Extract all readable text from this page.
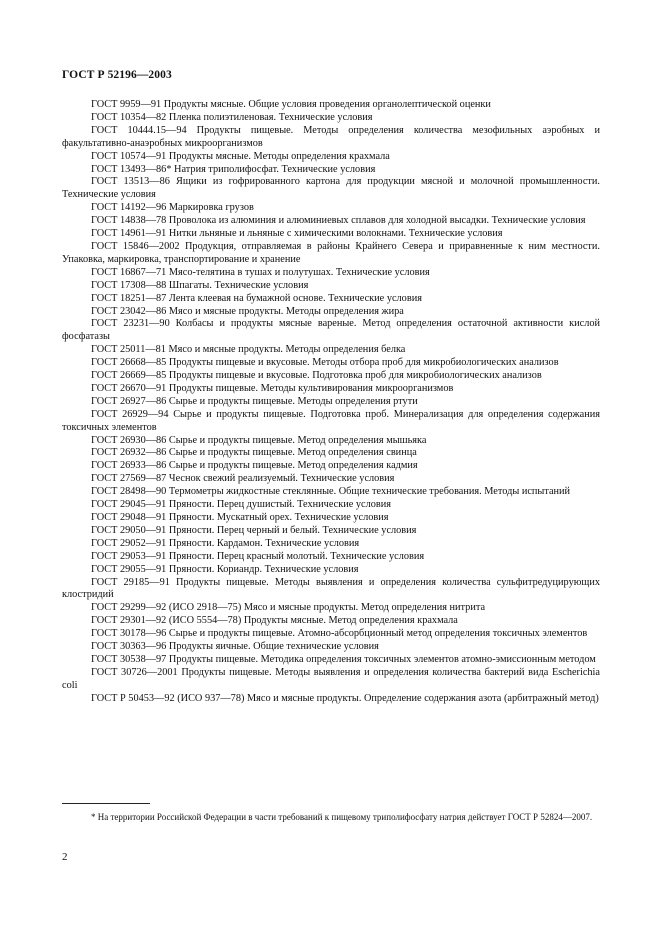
ГОСТ Р 52196—2003

ГОСТ 9959—91 Продукты мясные. Общие условия проведения органолептической оценки

ГОСТ 10354—82 Пленка полиэтиленовая. Технические условия

ГОСТ 10444.15—94 Продукты пищевые. Методы определения количества мезофильных аэробных и факультативно-анаэробных микроорганизмов

ГОСТ 10574—91 Продукты мясные. Методы определения крахмала

ГОСТ 13493—86* Натрия триполифосфат. Технические условия

ГОСТ 13513—86 Ящики из гофрированного картона для продукции мясной и молочной промышленности. Технические условия

ГОСТ 14192—96 Маркировка грузов

ГОСТ 14838—78 Проволока из алюминия и алюминиевых сплавов для холодной высадки. Технические условия

ГОСТ 14961—91 Нитки льняные и льняные с химическими волокнами. Технические условия

ГОСТ 15846—2002 Продукция, отправляемая в районы Крайнего Севера и приравненные к ним местности. Упаковка, маркировка, транспортирование и хранение

ГОСТ 16867—71 Мясо-телятина в тушах и полутушах. Технические условия

ГОСТ 17308—88 Шпагаты. Технические условия

ГОСТ 18251—87 Лента клеевая на бумажной основе. Технические условия

ГОСТ 23042—86 Мясо и мясные продукты. Методы определения жира

ГОСТ 23231—90 Колбасы и продукты мясные вареные. Метод определения остаточной активности кислой фосфатазы

ГОСТ 25011—81 Мясо и мясные продукты. Методы определения белка

ГОСТ 26668—85 Продукты пищевые и вкусовые. Методы отбора проб для микробиологических анализов

ГОСТ 26669—85 Продукты пищевые и вкусовые. Подготовка проб для микробиологических анализов

ГОСТ 26670—91 Продукты пищевые. Методы культивирования микроорганизмов

ГОСТ 26927—86 Сырье и продукты пищевые. Методы определения ртути

ГОСТ 26929—94 Сырье и продукты пищевые. Подготовка проб. Минерализация для определения содержания токсичных элементов

ГОСТ 26930—86 Сырье и продукты пищевые. Метод определения мышьяка

ГОСТ 26932—86 Сырье и продукты пищевые. Метод определения свинца

ГОСТ 26933—86 Сырье и продукты пищевые. Метод определения кадмия

ГОСТ 27569—87 Чеснок свежий реализуемый. Технические условия

ГОСТ 28498—90 Термометры жидкостные стеклянные. Общие технические требования. Методы испытаний

ГОСТ 29045—91 Пряности. Перец душистый. Технические условия

ГОСТ 29048—91 Пряности. Мускатный орех. Технические условия

ГОСТ 29050—91 Пряности. Перец черный и белый. Технические условия

ГОСТ 29052—91 Пряности. Кардамон. Технические условия

ГОСТ 29053—91 Пряности. Перец красный молотый. Технические условия

ГОСТ 29055—91 Пряности. Кориандр. Технические условия

ГОСТ 29185—91 Продукты пищевые. Методы выявления и определения количества сульфитредуцирующих клостридий

ГОСТ 29299—92 (ИСО 2918—75) Мясо и мясные продукты. Метод определения нитрита

ГОСТ 29301—92 (ИСО 5554—78) Продукты мясные. Метод определения крахмала

ГОСТ 30178—96 Сырье и продукты пищевые. Атомно-абсорбционный метод определения токсичных элементов

ГОСТ 30363—96 Продукты яичные. Общие технические условия

ГОСТ 30538—97 Продукты пищевые. Методика определения токсичных элементов атомно-эмиссионным методом

ГОСТ 30726—2001 Продукты пищевые. Методы выявления и определения количества бактерий вида Escherichia coli

ГОСТ Р 50453—92 (ИСО 937—78) Мясо и мясные продукты. Определение содержания азота (арбитражный метод)

* На территории Российской Федерации в части требований к пищевому триполифосфату натрия действует ГОСТ Р 52824—2007.
2
